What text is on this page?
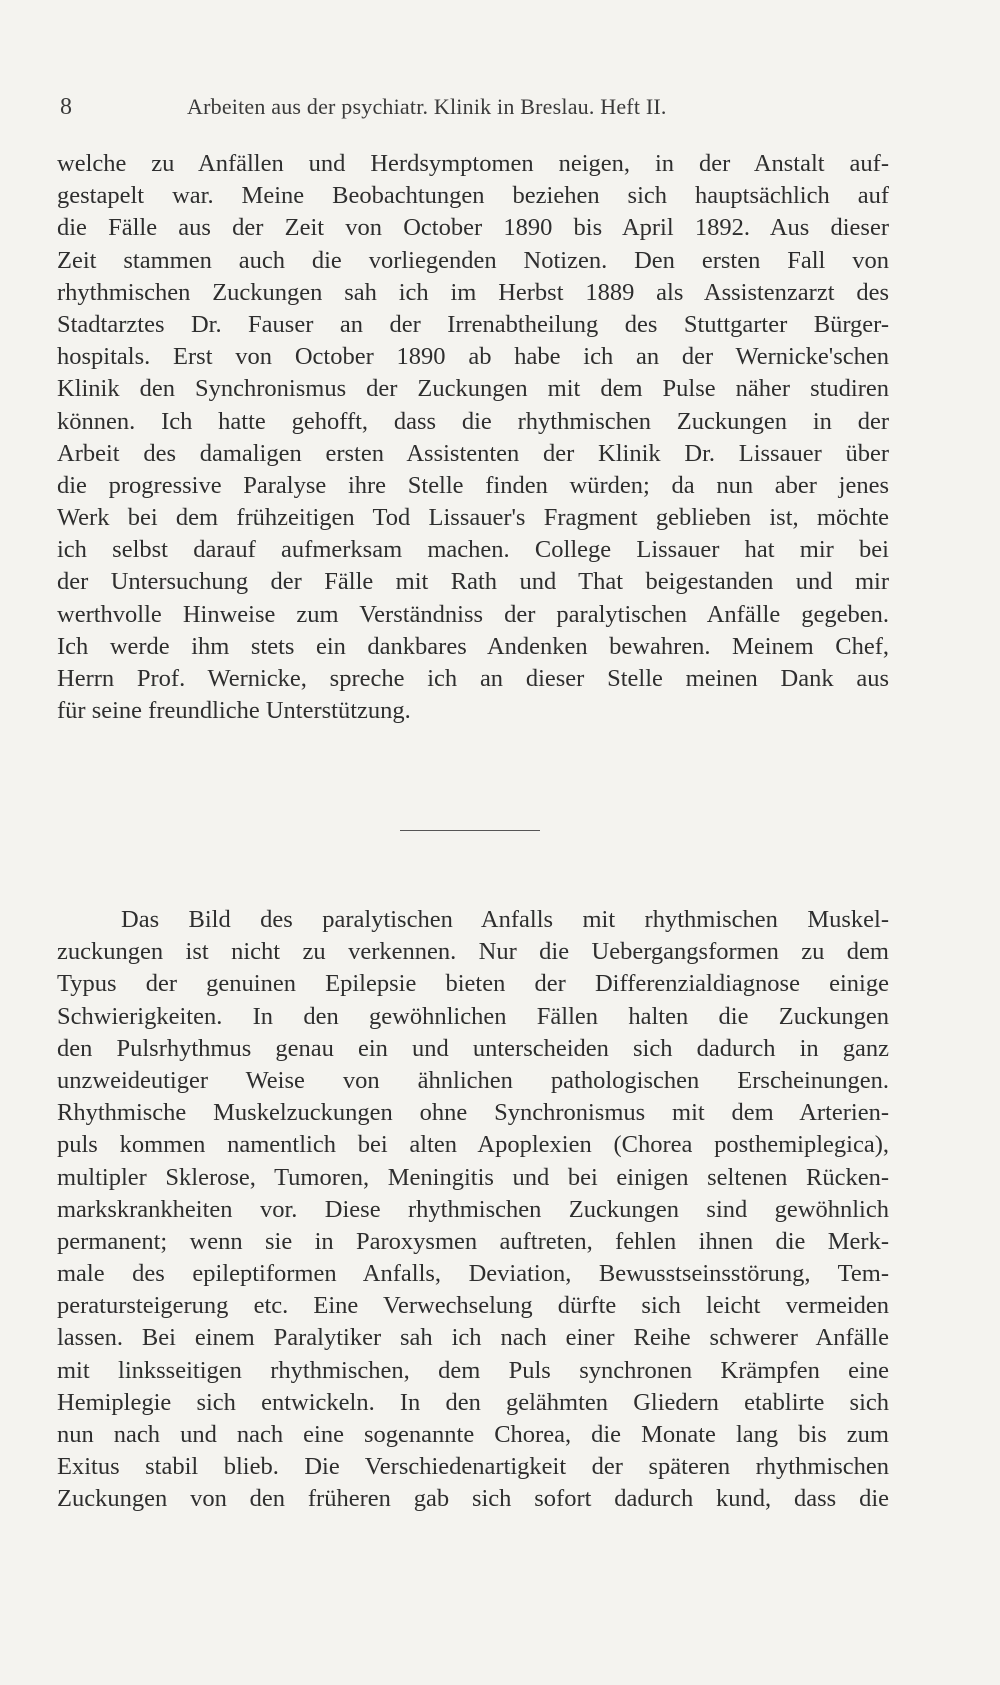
8	Arbeiten aus der psychiatr. Klinik in Breslau. Heft II.
welche zu Anfällen und Herdsymptomen neigen, in der Anstalt auf-
gestapelt war. Meine Beobachtungen beziehen sich hauptsächlich auf
die Fälle aus der Zeit von October 1890 bis April 1892. Aus dieser
Zeit stammen auch die vorliegenden Notizen. Den ersten Fall von
rhythmischen Zuckungen sah ich im Herbst 1889 als Assistenzarzt des
Stadtarztes Dr. Fauser an der Irrenabtheilung des Stuttgarter Bürger-
hospitals. Erst von October 1890 ab habe ich an der Wernicke'schen
Klinik den Synchronismus der Zuckungen mit dem Pulse näher studiren
können. Ich hatte gehofft, dass die rhythmischen Zuckungen in der
Arbeit des damaligen ersten Assistenten der Klinik Dr. Lissauer über
die progressive Paralyse ihre Stelle finden würden; da nun aber jenes
Werk bei dem frühzeitigen Tod Lissauer's Fragment geblieben ist, möchte
ich selbst darauf aufmerksam machen. College Lissauer hat mir bei
der Untersuchung der Fälle mit Rath und That beigestanden und mir
werthvolle Hinweise zum Verständniss der paralytischen Anfälle gegeben.
Ich werde ihm stets ein dankbares Andenken bewahren. Meinem Chef,
Herrn Prof. Wernicke, spreche ich an dieser Stelle meinen Dank aus
für seine freundliche Unterstützung.
Das Bild des paralytischen Anfalls mit rhythmischen Muskel-
zuckungen ist nicht zu verkennen. Nur die Uebergangsformen zu dem
Typus der genuinen Epilepsie bieten der Differenzialdiagnose einige
Schwierigkeiten. In den gewöhnlichen Fällen halten die Zuckungen
den Pulsrhythmus genau ein und unterscheiden sich dadurch in ganz
unzweideutiger Weise von ähnlichen pathologischen Erscheinungen.
Rhythmische Muskelzuckungen ohne Synchronismus mit dem Arterien-
puls kommen namentlich bei alten Apoplexien (Chorea posthemiplegica),
multipler Sklerose, Tumoren, Meningitis und bei einigen seltenen Rücken-
markskrankheiten vor. Diese rhythmischen Zuckungen sind gewöhnlich
permanent; wenn sie in Paroxysmen auftreten, fehlen ihnen die Merk-
male des epileptiformen Anfalls, Deviation, Bewusstseinsstörung, Tem-
peratursteigerung etc. Eine Verwechselung dürfte sich leicht vermeiden
lassen. Bei einem Paralytiker sah ich nach einer Reihe schwerer Anfälle
mit linksseitigen rhythmischen, dem Puls synchronen Krämpfen eine
Hemiplegie sich entwickeln. In den gelähmten Gliedern etablirte sich
nun nach und nach eine sogenannte Chorea, die Monate lang bis zum
Exitus stabil blieb. Die Verschiedenartigkeit der späteren rhythmischen
Zuckungen von den früheren gab sich sofort dadurch kund, dass die
